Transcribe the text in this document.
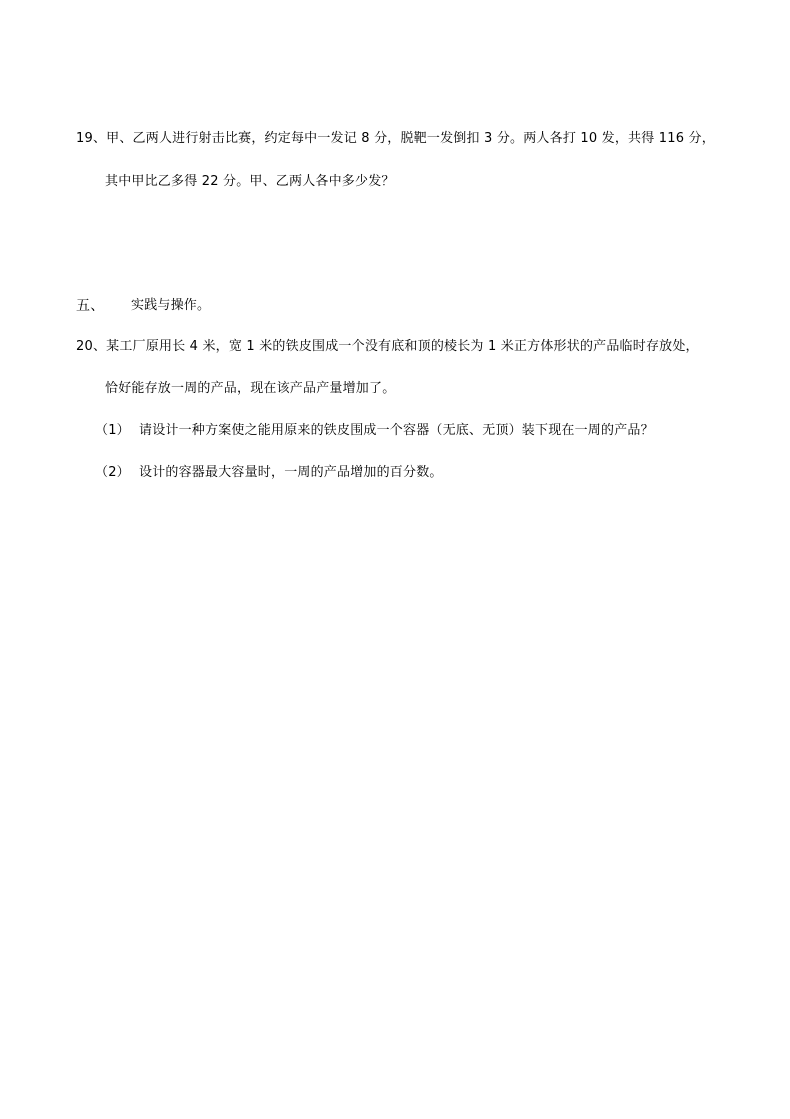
19、甲、乙两人进行射击比赛，约定每中一发记 8 分，脱靶一发倒扣 3 分。两人各打 10 发，共得 116 分，
其中甲比乙多得 22 分。甲、乙两人各中多少发？
五、 实践与操作。
20、某工厂原用长 4 米，宽 1 米的铁皮围成一个没有底和顶的棱长为 1 米正方体形状的产品临时存放处，
恰好能存放一周的产品，现在该产品产量增加了。
（1） 请设计一种方案使之能用原来的铁皮围成一个容器（无底、无顶）装下现在一周的产品？
（2） 设计的容器最大容量时，一周的产品增加的百分数。
